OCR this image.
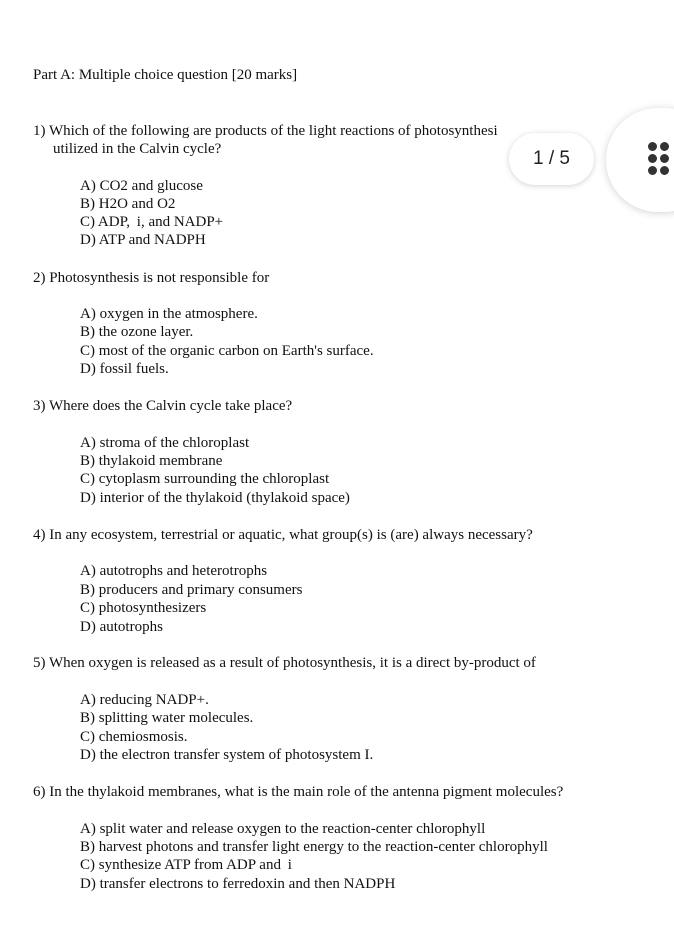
Part A: Multiple choice question [20 marks]
1) Which of the following are products of the light reactions of photosynthesi
utilized in the Calvin cycle?
A) CO2 and glucose
B) H2O and O2
C) ADP,  i, and NADP+
D) ATP and NADPH
2) Photosynthesis is not responsible for
A) oxygen in the atmosphere.
B) the ozone layer.
C) most of the organic carbon on Earth's surface.
D) fossil fuels.
3) Where does the Calvin cycle take place?
A) stroma of the chloroplast
B) thylakoid membrane
C) cytoplasm surrounding the chloroplast
D) interior of the thylakoid (thylakoid space)
4) In any ecosystem, terrestrial or aquatic, what group(s) is (are) always necessary?
A) autotrophs and heterotrophs
B) producers and primary consumers
C) photosynthesizers
D) autotrophs
5) When oxygen is released as a result of photosynthesis, it is a direct by-product of
A) reducing NADP+.
B) splitting water molecules.
C) chemiosmosis.
D) the electron transfer system of photosystem I.
6) In the thylakoid membranes, what is the main role of the antenna pigment molecules?
A) split water and release oxygen to the reaction-center chlorophyll
B) harvest photons and transfer light energy to the reaction-center chlorophyll
C) synthesize ATP from ADP and  i
D) transfer electrons to ferredoxin and then NADPH
1 / 5
